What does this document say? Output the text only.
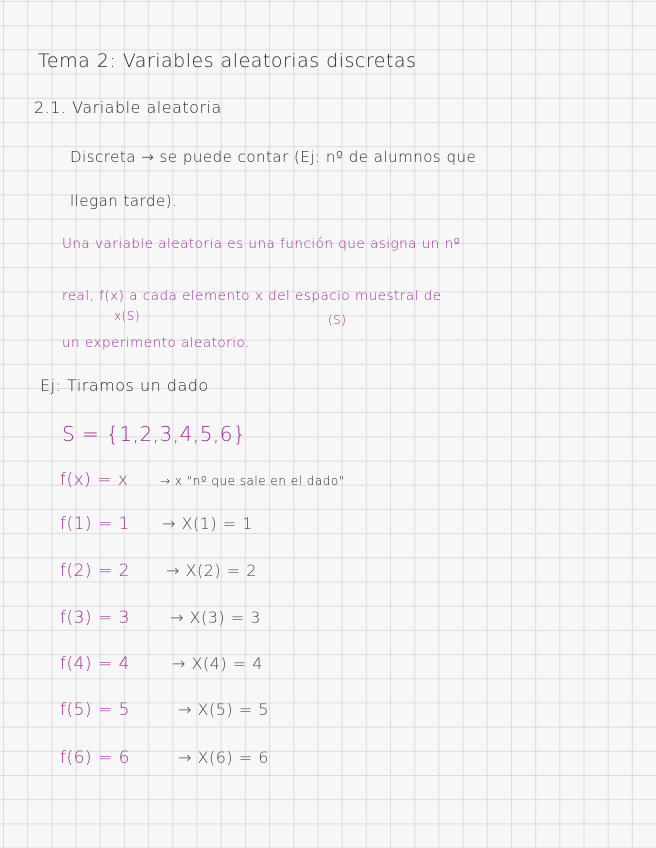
Tema 2: Variables aleatorias discretas

2.1. Variable aleatoria

Discreta → se puede contar (Ej: nº de alumnos que

llegan tarde).

Una variable aleatoria es una función que asigna un nº

real, f(x) a cada elemento x del espacio muestral de

x(S)	(S)

un experimento aleatorio.

Ej: Tiramos un dado

S = {1,2,3,4,5,6}

f(x) = x	→ x "nº que sale en el dado"

f(1) = 1 → X(1) = 1

f(2) = 2 → X(2) = 2

f(3) = 3	→ X(3) = 3

f(4) = 4	→ X(4) = 4

f(5) = 5	→ X(5) = 5

f(6) = 6	→ X(6) = 6
